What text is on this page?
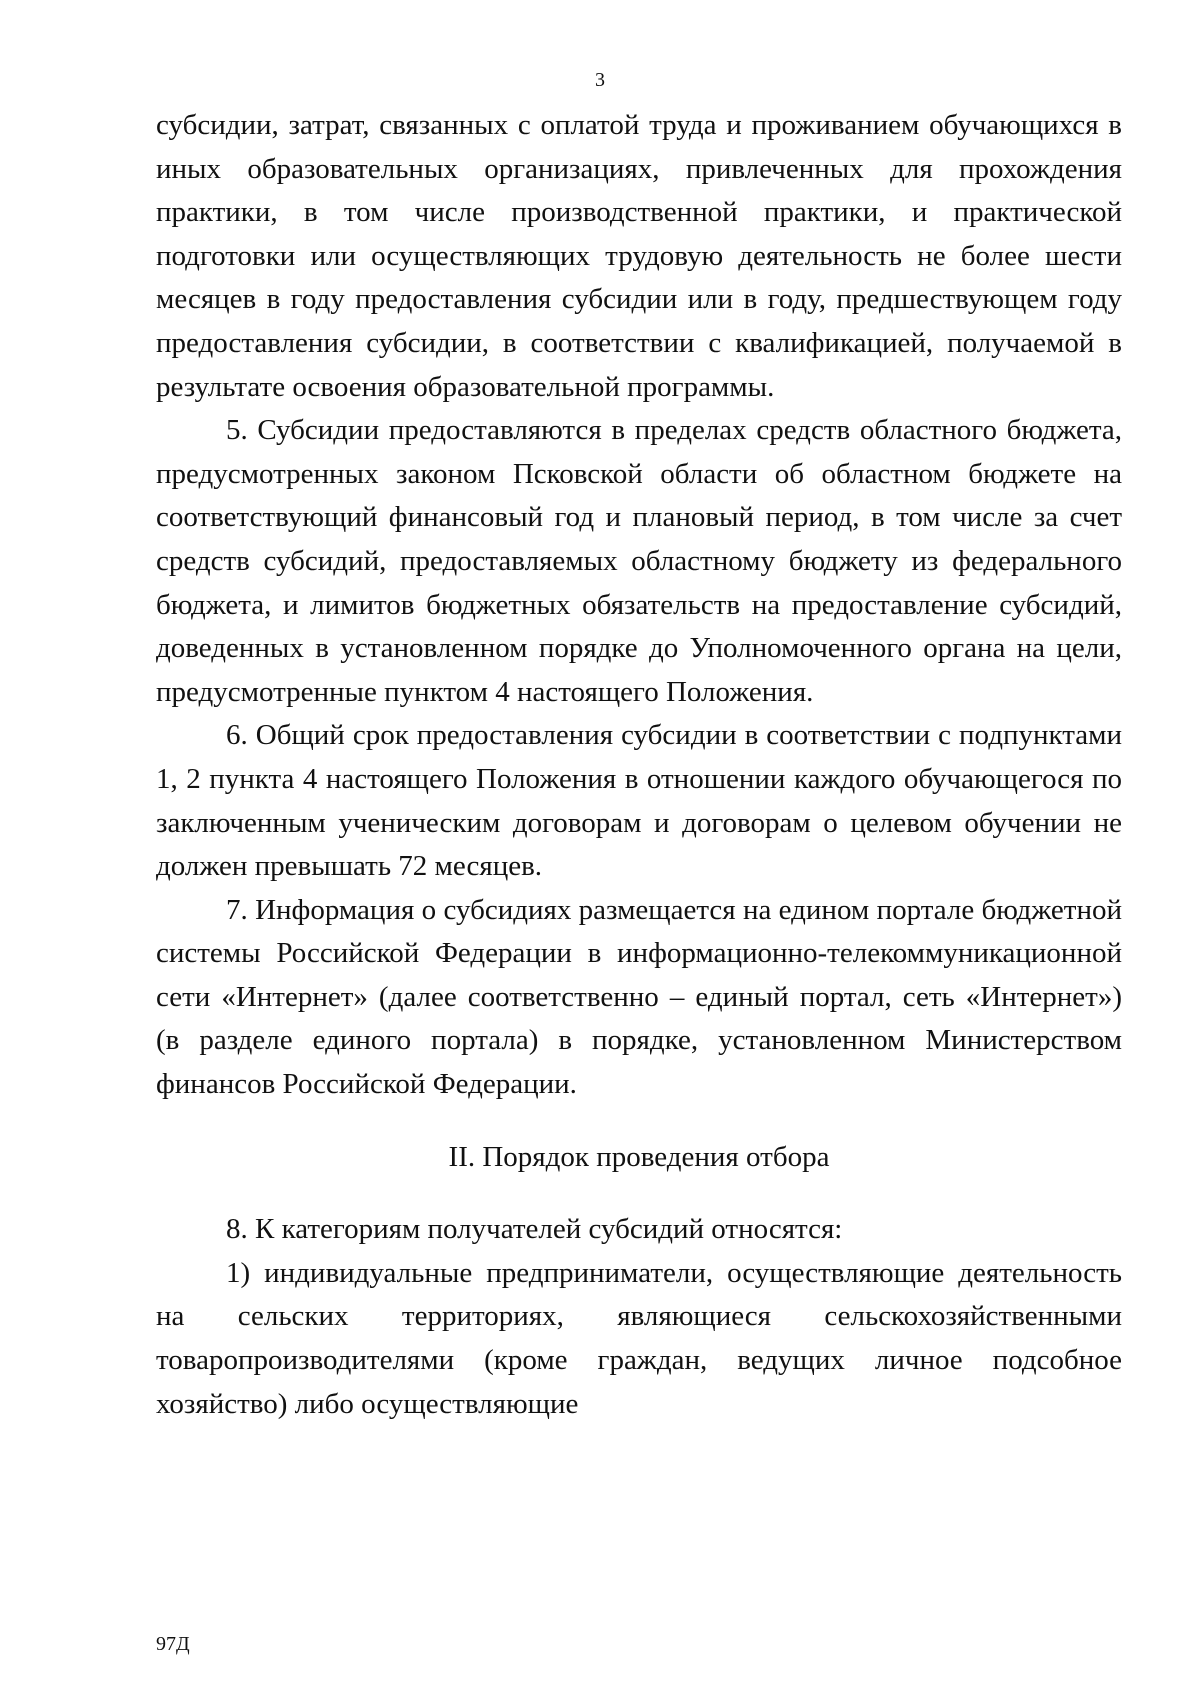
3

субсидии, затрат, связанных с оплатой труда и проживанием обучающихся в иных образовательных организациях, привлеченных для прохождения практики, в том числе производственной практики, и практической подготовки или осуществляющих трудовую деятельность не более шести месяцев в году предоставления субсидии или в году, предшествующем году предоставления субсидии, в соответствии с квалификацией, получаемой в результате освоения образовательной программы.

5. Субсидии предоставляются в пределах средств областного бюджета, предусмотренных законом Псковской области об областном бюджете на соответствующий финансовый год и плановый период, в том числе за счет средств субсидий, предоставляемых областному бюджету из федерального бюджета, и лимитов бюджетных обязательств на предоставление субсидий, доведенных в установленном порядке до Уполномоченного органа на цели, предусмотренные пунктом 4 настоящего Положения.

6. Общий срок предоставления субсидии в соответствии с подпунктами 1, 2 пункта 4 настоящего Положения в отношении каждого обучающегося по заключенным ученическим договорам и договорам о целевом обучении не должен превышать 72 месяцев.

7. Информация о субсидиях размещается на едином портале бюджетной системы Российской Федерации в информационно-телекоммуникационной сети «Интернет» (далее соответственно – единый портал, сеть «Интернет») (в разделе единого портала) в порядке, установленном Министерством финансов Российской Федерации.

II. Порядок проведения отбора

8. К категориям получателей субсидий относятся:

1) индивидуальные предприниматели, осуществляющие деятельность на сельских территориях, являющиеся сельскохозяйственными товаропроизводителями (кроме граждан, ведущих личное подсобное хозяйство) либо осуществляющие

97Д
